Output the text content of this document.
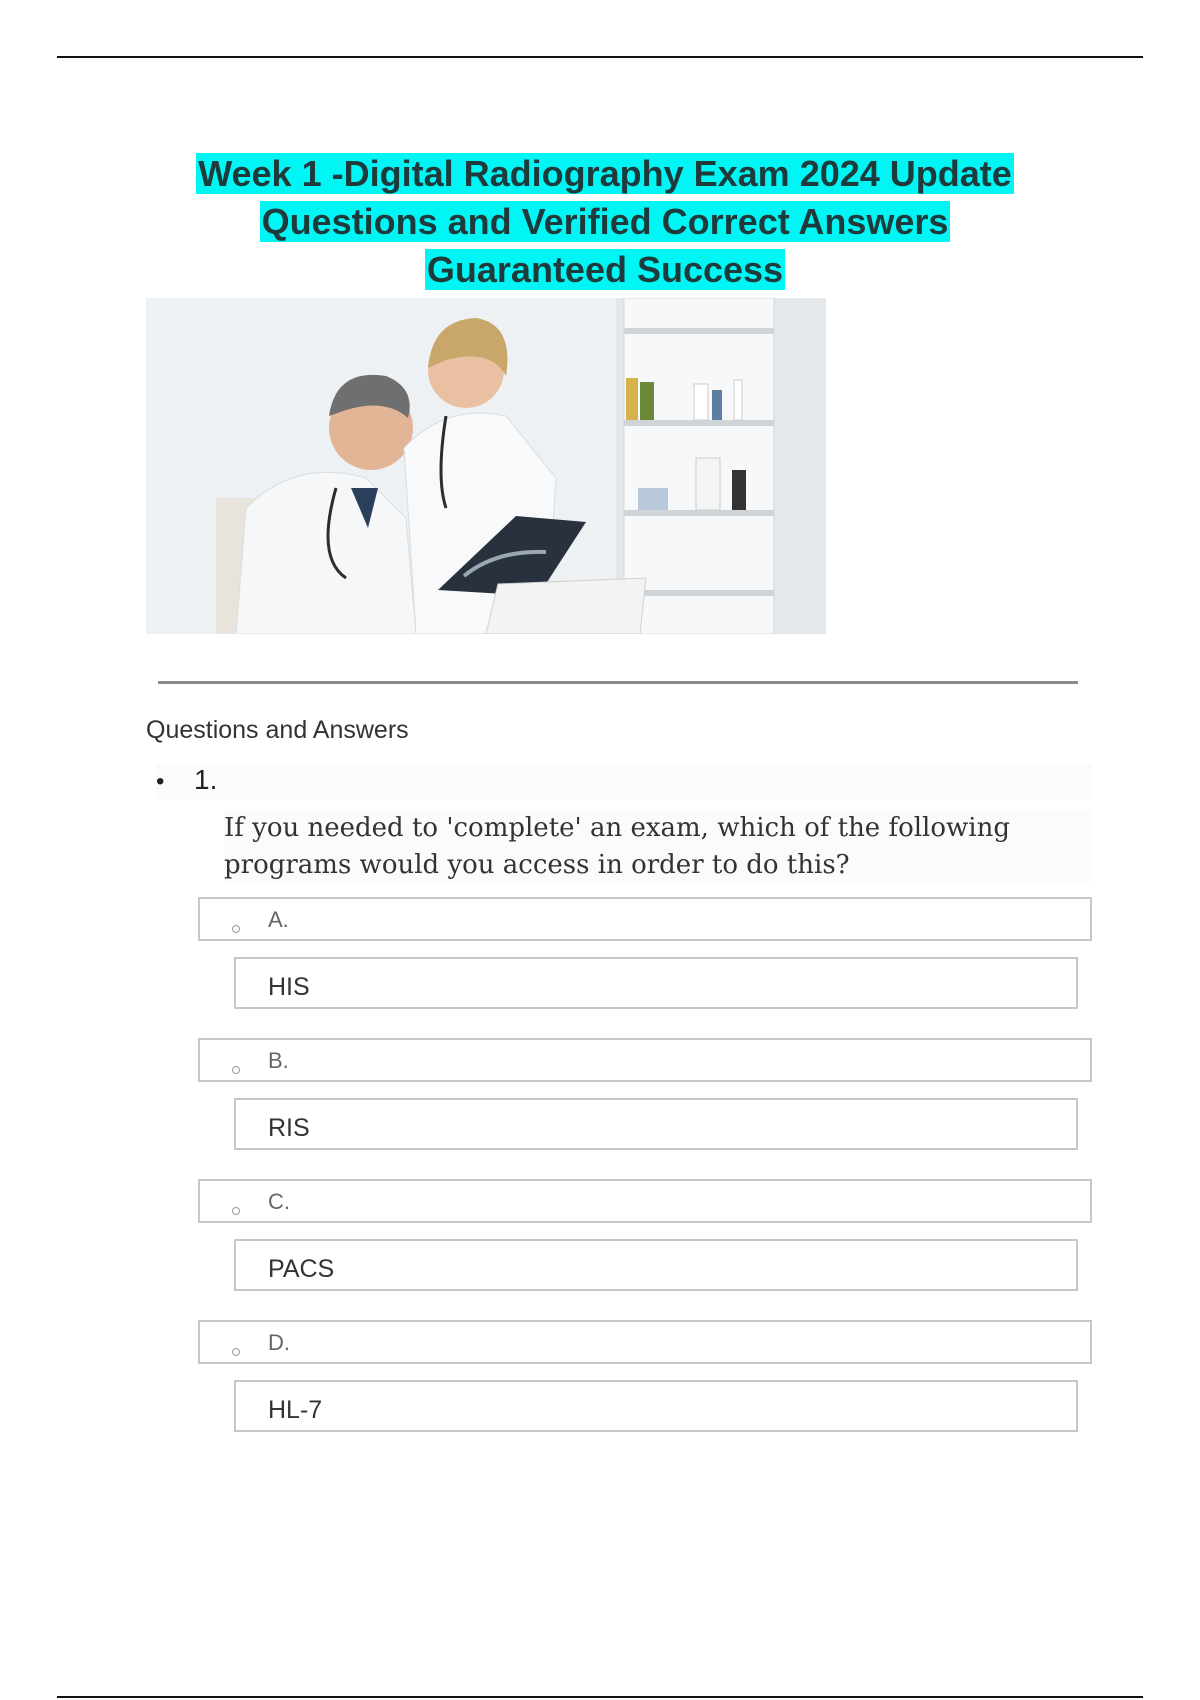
Week 1 -Digital Radiography Exam 2024 Update
Questions and Verified Correct Answers
Guaranteed Success
Questions and Answers
• 1.
If you needed to 'complete' an exam, which of the following programs would you access in order to do this?
A.
HIS
B.
RIS
C.
PACS
D.
HL-7
